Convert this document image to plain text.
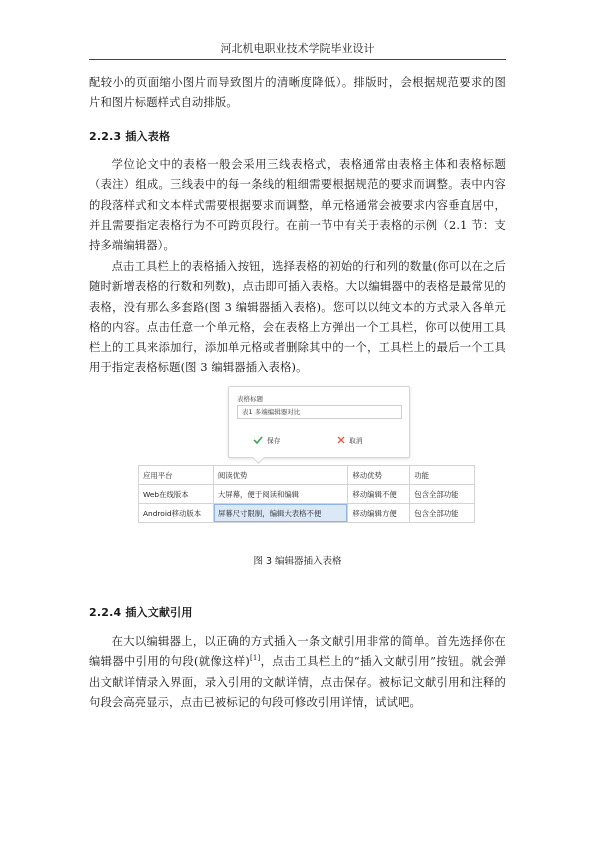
河北机电职业技术学院毕业设计

配较小的页面缩小图片而导致图片的清晰度降低）。排版时，会根据规范要求的图片和图片标题样式自动排版。

2.2.3 插入表格

学位论文中的表格一般会采用三线表格式，表格通常由表格主体和表格标题（表注）组成。三线表中的每一条线的粗细需要根据规范的要求而调整。表中内容的段落样式和文本样式需要根据要求而调整，单元格通常会被要求内容垂直居中，并且需要指定表格行为不可跨页段行。在前一节中有关于表格的示例（2.1 节：支持多端编辑器）。

点击工具栏上的表格插入按钮，选择表格的初始的行和列的数量(你可以在之后随时新增表格的行数和列数)，点击即可插入表格。大以编辑器中的表格是最常见的表格，没有那么多套路(图 3 编辑器插入表格)。您可以以纯文本的方式录入各单元格的内容。点击任意一个单元格，会在表格上方弹出一个工具栏，你可以使用工具栏上的工具来添加行，添加单元格或者删除其中的一个，工具栏上的最后一个工具用于指定表格标题(图 3 编辑器插入表格)。

表格标题
表1 多端编辑器对比
保存	取消
应用平台	阅读优势	移动优势	功能
Web在线版本	大屏幕，便于阅读和编辑	移动编辑不便	包含全部功能
Android移动版本	屏幕尺寸限制，编辑大表格不便	移动编辑方便	包含全部功能
图 3 编辑器插入表格
2.2.4 插入文献引用

在大以编辑器上，以正确的方式插入一条文献引用非常的简单。首先选择你在编辑器中引用的句段(就像这样)[1]，点击工具栏上的“插入文献引用”按钮。就会弹出文献详情录入界面，录入引用的文献详情，点击保存。被标记文献引用和注释的句段会高亮显示，点击已被标记的句段可修改引用详情，试试吧。
